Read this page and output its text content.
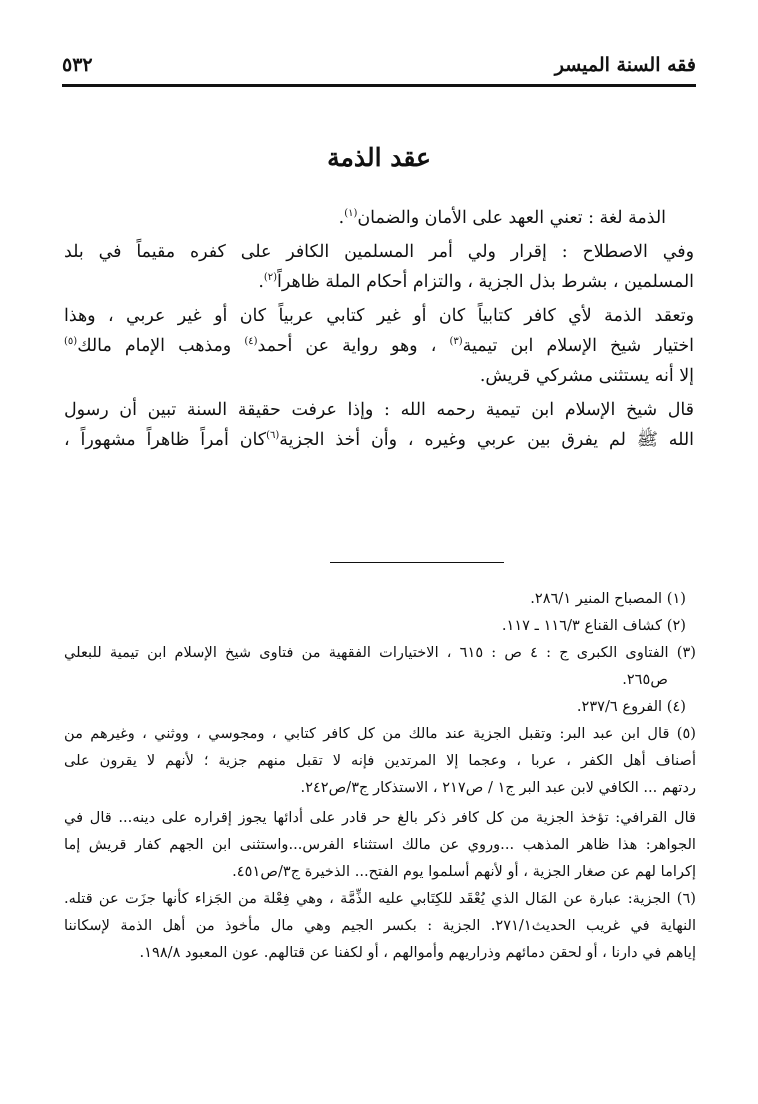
فقه السنة الميسر
٥٣٢
عقد الذمة
الذمة لغة : تعني العهد على الأمان والضمان$^{(١)}$.
وفي الاصطلاح : إقرار ولي أمر المسلمين الكافر على كفره مقيماً في بلد
المسلمين ، بشرط بذل الجزية ، والتزام أحكام الملة ظاهراً$^{(٢)}$.
وتعقد الذمة لأي كافر كتابياً كان أو غير كتابي عربياً كان أو غير عربي ، وهذا
اختيار شيخ الإسلام ابن تيمية$^{(٣)}$ ، وهو رواية عن أحمد$^{(٤)}$ ومذهب الإمام مالك$^{(٥)}$
إلا أنه يستثنى مشركي قريش.
قال شيخ الإسلام ابن تيمية رحمه الله : وإذا عرفت حقيقة السنة تبين أن رسول
الله ﷺ لم يفرق بين عربي وغيره ، وأن أخذ الجزية$^{(٦)}$كان أمراً ظاهراً مشهوراً ،
(١) المصباح المنير ٢٨٦/١.
(٢) كشاف القناع ١١٦/٣ ـ ١١٧.
(٣) الفتاوى الكبرى ج : ٤ ص : ٦١٥ ، الاختيارات الفقهية من فتاوى شيخ الإسلام ابن تيمية للبعلي
ص٢٦٥.
(٤) الفروع ٢٣٧/٦.
(٥) قال ابن عبد البر: وتقبل الجزية عند مالك من كل كافر كتابي ، ومجوسي ، ووثني ، وغيرهم من
أصناف أهل الكفر ، عربا ، وعجما إلا المرتدين فإنه لا تقبل منهم جزية ؛ لأنهم لا يقرون على
ردتهم ... الكافي لابن عبد البر ج١ / ص٢١٧ ، الاستذكار ج٣/ص٢٤٢.
قال القرافي: تؤخذ الجزية من كل كافر ذكر بالغ حر قادر على أدائها يجوز إقراره على دينه... قال في
الجواهر: هذا ظاهر المذهب ...وروي عن مالك استثناء الفرس...واستثنى ابن الجهم كفار قريش إما
إكراما لهم عن صغار الجزية ، أو لأنهم أسلموا يوم الفتح... الذخيرة ج٣/ص٤٥١.
(٦) الجزية: عبارة عن المَال الذي يُعْقَد للكِتَابي عليه الذِّمَّة ، وهي فِعْلة من الجَزاء كأنها جزَت عن قتله.
النهاية في غريب الحديث٢٧١/١. الجزية : بكسر الجيم وهي مال مأخوذ من أهل الذمة لإسكاننا
إياهم في دارنا ، أو لحقن دمائهم وذراريهم وأموالهم ، أو لكفنا عن قتالهم. عون المعبود ١٩٨/٨.
